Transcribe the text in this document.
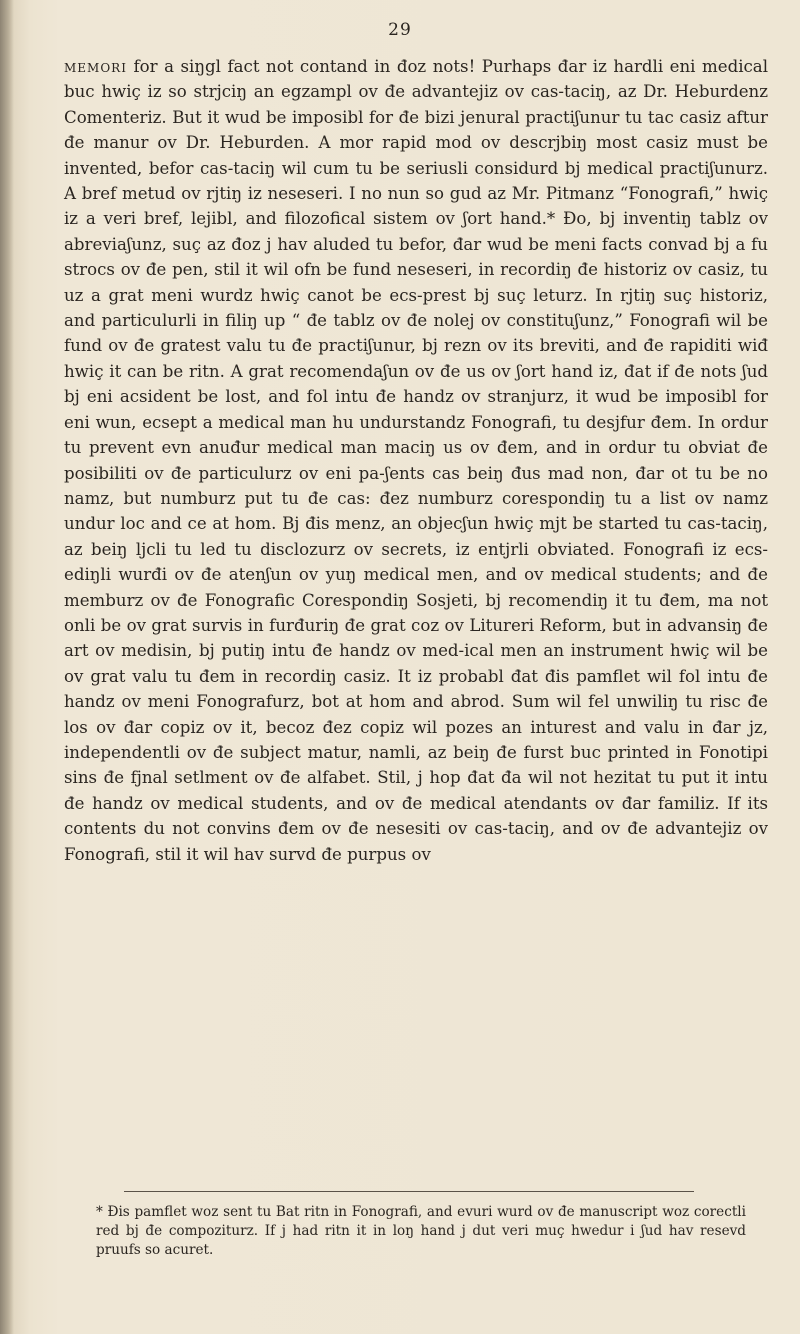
29

memori for a siŋgl fact not contand in đoz nots! Purhaps đar iz hardli eni medical buc hwiç iz so strjciŋ an egzampl ov đe advantejiz ov cas-taciŋ, az Dr. Heburdenz Comenteriz. But it wud be imposibl for đe bizi jenural practiʃunur tu tac casiz aftur đe manur ov Dr. Heburden. A mor rapid mod ov descrjbiŋ most casiz must be invented, befor cas-taciŋ wil cum tu be seriusli considurd bj medical practiʃunurz. A bref metud ov rjtiŋ iz neseseri. I no nun so gud az Mr. Pitmanz “Fonografi,” hwiç iz a veri bref, lejibl, and filozofical sistem ov ʃort hand.* Đo, bj inventiŋ tablz ov abreviaʃunz, suç az đoz j hav aluded tu befor, đar wud be meni facts convad bj a fu strocs ov đe pen, stil it wil ofn be fund neseseri, in recordiŋ đe historiz ov casiz, tu uz a grat meni wurdz hwiç canot be ecs-prest bj suç leturz. In rjtiŋ suç historiz, and particulurli in filiŋ up “ đe tablz ov đe nolej ov constituʃunz,” Fonografi wil be fund ov đe gratest valu tu đe practiʃunur, bj rezn ov its breviti, and đe rapiditi wiđ hwiç it can be ritn. A grat recomendaʃun ov đe us ov ʃort hand iz, đat if đe nots ʃud bj eni acsident be lost, and fol intu đe handz ov stranjurz, it wud be imposibl for eni wun, ecsept a medical man hu undurstandz Fonografi, tu desjfur đem. In ordur tu prevent evn anuđur medical man maciŋ us ov đem, and in ordur tu obviat đe posibiliti ov đe particulurz ov eni pa-ʃents cas beiŋ đus mad non, đar ot tu be no namz, but numburz put tu đe cas: đez numburz corespondiŋ tu a list ov namz undur loc and ce at hom. Bj đis menz, an objecʃun hwiç mjt be started tu cas-taciŋ, az beiŋ ljcli tu led tu disclozurz ov secrets, iz entjrli obviated. Fonografi iz ecs-ediŋli wurđi ov đe atenʃun ov yuŋ medical men, and ov medical students; and đe memburz ov đe Fonografic Corespondiŋ Sosjeti, bj recomendiŋ it tu đem, ma not onli be ov grat survis in furđuriŋ đe grat coz ov Litureri Reform, but in advansiŋ đe art ov medisin, bj putiŋ intu đe handz ov med-ical men an instrument hwiç wil be ov grat valu tu đem in recordiŋ casiz. It iz probabl đat đis pamflet wil fol intu đe handz ov meni Fonografurz, bot at hom and abrod. Sum wil fel unwiliŋ tu risc đe los ov đar copiz ov it, becoz đez copiz wil pozes an inturest and valu in đar jz, independentli ov đe subject matur, namli, az beiŋ đe furst buc printed in Fonotipi sins đe fjnal setlment ov đe alfabet. Stil, j hop đat đa wil not hezitat tu put it intu đe handz ov medical students, and ov đe medical atendants ov đar familiz. If its contents du not convins đem ov đe nesesiti ov cas-taciŋ, and ov đe advantejiz ov Fonografi, stil it wil hav survd đe purpus ov

* Đis pamflet woz sent tu Bat ritn in Fonografi, and evuri wurd ov đe manuscript woz corectli red bj đe compoziturz. If j had ritn it in loŋ hand j dut veri muç hwedur i ʃud hav resevd pruufs so acuret.
